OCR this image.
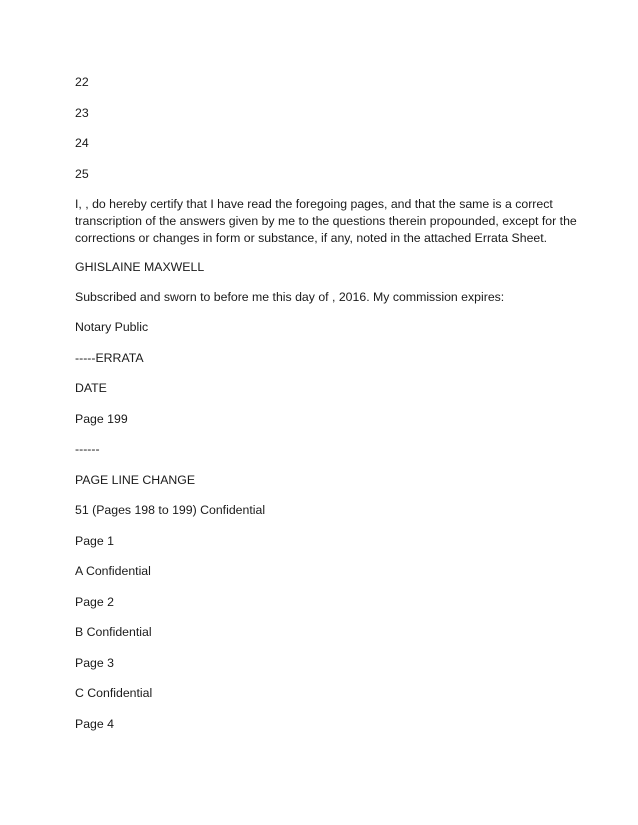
22

23

24

25

I, , do hereby certify that I have read the foregoing pages, and that the same is a correct
transcription of the answers given by me to the questions therein propounded, except for the
corrections or changes in form or substance, if any, noted in the attached Errata Sheet.

GHISLAINE MAXWELL

Subscribed and sworn to before me this day of , 2016. My commission expires:

Notary Public

-----ERRATA

DATE

Page 199

------

PAGE LINE CHANGE

51 (Pages 198 to 199) Confidential

Page 1

A Confidential

Page 2

B Confidential

Page 3

C Confidential

Page 4
